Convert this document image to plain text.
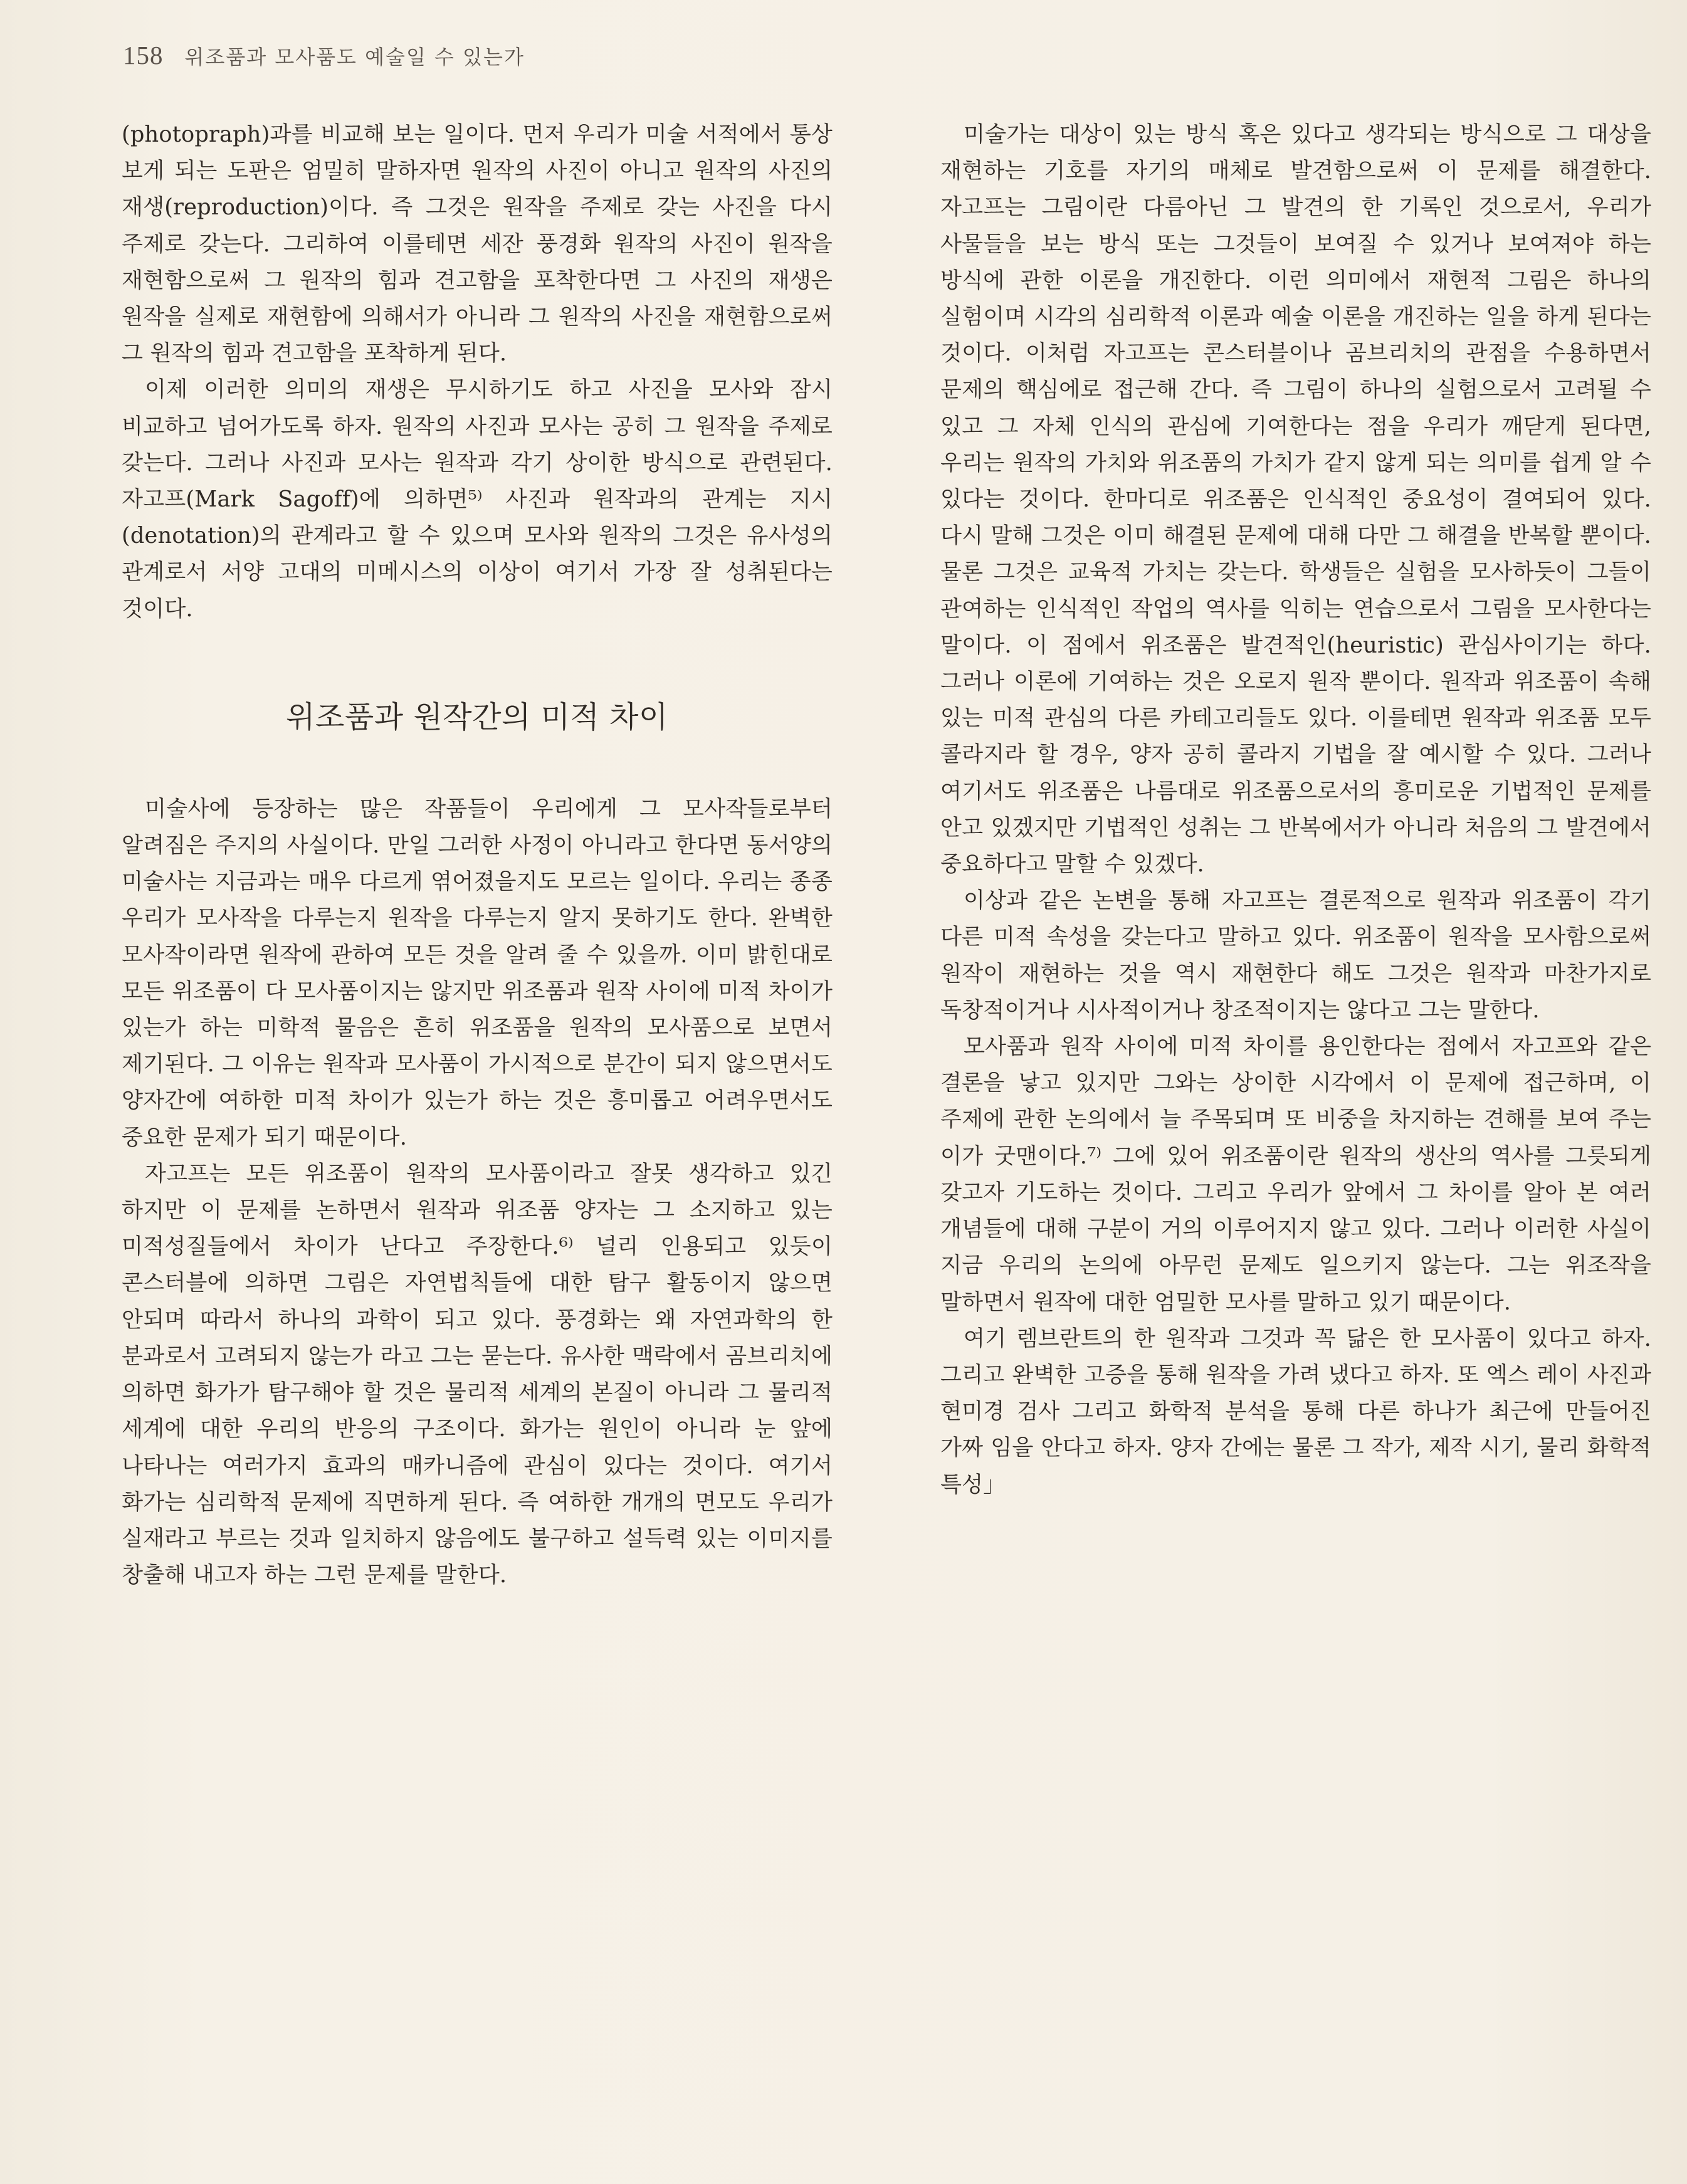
158 위조품과 모사품도 예술일 수 있는가

(photopraph)과를 비교해 보는 일이다. 먼저 우리가 미술 서적에서 통상 보게 되는 도판은 엄밀히 말하자면 원작의 사진이 아니고 원작의 사진의 재생(reproduction)이다. 즉 그것은 원작을 주제로 갖는 사진을 다시 주제로 갖는다. 그리하여 이를테면 세잔 풍경화 원작의 사진이 원작을 재현함으로써 그 원작의 힘과 견고함을 포착한다면 그 사진의 재생은 원작을 실제로 재현함에 의해서가 아니라 그 원작의 사진을 재현함으로써 그 원작의 힘과 견고함을 포착하게 된다.

이제 이러한 의미의 재생은 무시하기도 하고 사진을 모사와 잠시 비교하고 넘어가도록 하자. 원작의 사진과 모사는 공히 그 원작을 주제로 갖는다. 그러나 사진과 모사는 원작과 각기 상이한 방식으로 관련된다. 자고프(Mark Sagoff)에 의하면⁵⁾ 사진과 원작과의 관계는 지시(denotation)의 관계라고 할 수 있으며 모사와 원작의 그것은 유사성의 관계로서 서양 고대의 미메시스의 이상이 여기서 가장 잘 성취된다는 것이다.

위조품과 원작간의 미적 차이

미술사에 등장하는 많은 작품들이 우리에게 그 모사작들로부터 알려짐은 주지의 사실이다. 만일 그러한 사정이 아니라고 한다면 동서양의 미술사는 지금과는 매우 다르게 엮어졌을지도 모르는 일이다. 우리는 종종 우리가 모사작을 다루는지 원작을 다루는지 알지 못하기도 한다. 완벽한 모사작이라면 원작에 관하여 모든 것을 알려 줄 수 있을까. 이미 밝힌대로 모든 위조품이 다 모사품이지는 않지만 위조품과 원작 사이에 미적 차이가 있는가 하는 미학적 물음은 흔히 위조품을 원작의 모사품으로 보면서 제기된다. 그 이유는 원작과 모사품이 가시적으로 분간이 되지 않으면서도 양자간에 여하한 미적 차이가 있는가 하는 것은 흥미롭고 어려우면서도 중요한 문제가 되기 때문이다.

자고프는 모든 위조품이 원작의 모사품이라고 잘못 생각하고 있긴 하지만 이 문제를 논하면서 원작과 위조품 양자는 그 소지하고 있는 미적성질들에서 차이가 난다고 주장한다.⁶⁾ 널리 인용되고 있듯이 콘스터블에 의하면 그림은 자연법칙들에 대한 탐구 활동이지 않으면 안되며 따라서 하나의 과학이 되고 있다. 풍경화는 왜 자연과학의 한 분과로서 고려되지 않는가 라고 그는 묻는다. 유사한 맥락에서 곰브리치에 의하면 화가가 탐구해야 할 것은 물리적 세계의 본질이 아니라 그 물리적 세계에 대한 우리의 반응의 구조이다. 화가는 원인이 아니라 눈 앞에 나타나는 여러가지 효과의 매카니즘에 관심이 있다는 것이다. 여기서 화가는 심리학적 문제에 직면하게 된다. 즉 여하한 개개의 면모도 우리가 실재라고 부르는 것과 일치하지 않음에도 불구하고 설득력 있는 이미지를 창출해 내고자 하는 그런 문제를 말한다.

미술가는 대상이 있는 방식 혹은 있다고 생각되는 방식으로 그 대상을 재현하는 기호를 자기의 매체로 발견함으로써 이 문제를 해결한다. 자고프는 그림이란 다름아닌 그 발견의 한 기록인 것으로서, 우리가 사물들을 보는 방식 또는 그것들이 보여질 수 있거나 보여져야 하는 방식에 관한 이론을 개진한다. 이런 의미에서 재현적 그림은 하나의 실험이며 시각의 심리학적 이론과 예술 이론을 개진하는 일을 하게 된다는 것이다. 이처럼 자고프는 콘스터블이나 곰브리치의 관점을 수용하면서 문제의 핵심에로 접근해 간다. 즉 그림이 하나의 실험으로서 고려될 수 있고 그 자체 인식의 관심에 기여한다는 점을 우리가 깨닫게 된다면, 우리는 원작의 가치와 위조품의 가치가 같지 않게 되는 의미를 쉽게 알 수 있다는 것이다. 한마디로 위조품은 인식적인 중요성이 결여되어 있다. 다시 말해 그것은 이미 해결된 문제에 대해 다만 그 해결을 반복할 뿐이다. 물론 그것은 교육적 가치는 갖는다. 학생들은 실험을 모사하듯이 그들이 관여하는 인식적인 작업의 역사를 익히는 연습으로서 그림을 모사한다는 말이다. 이 점에서 위조품은 발견적인(heuristic) 관심사이기는 하다. 그러나 이론에 기여하는 것은 오로지 원작 뿐이다. 원작과 위조품이 속해 있는 미적 관심의 다른 카테고리들도 있다. 이를테면 원작과 위조품 모두 콜라지라 할 경우, 양자 공히 콜라지 기법을 잘 예시할 수 있다. 그러나 여기서도 위조품은 나름대로 위조품으로서의 흥미로운 기법적인 문제를 안고 있겠지만 기법적인 성취는 그 반복에서가 아니라 처음의 그 발견에서 중요하다고 말할 수 있겠다.

이상과 같은 논변을 통해 자고프는 결론적으로 원작과 위조품이 각기 다른 미적 속성을 갖는다고 말하고 있다. 위조품이 원작을 모사함으로써 원작이 재현하는 것을 역시 재현한다 해도 그것은 원작과 마찬가지로 독창적이거나 시사적이거나 창조적이지는 않다고 그는 말한다.

모사품과 원작 사이에 미적 차이를 용인한다는 점에서 자고프와 같은 결론을 낳고 있지만 그와는 상이한 시각에서 이 문제에 접근하며, 이 주제에 관한 논의에서 늘 주목되며 또 비중을 차지하는 견해를 보여 주는 이가 굿맨이다.⁷⁾ 그에 있어 위조품이란 원작의 생산의 역사를 그릇되게 갖고자 기도하는 것이다. 그리고 우리가 앞에서 그 차이를 알아 본 여러 개념들에 대해 구분이 거의 이루어지지 않고 있다. 그러나 이러한 사실이 지금 우리의 논의에 아무런 문제도 일으키지 않는다. 그는 위조작을 말하면서 원작에 대한 엄밀한 모사를 말하고 있기 때문이다.

여기 렘브란트의 한 원작과 그것과 꼭 닮은 한 모사품이 있다고 하자. 그리고 완벽한 고증을 통해 원작을 가려 냈다고 하자. 또 엑스 레이 사진과 현미경 검사 그리고 화학적 분석을 통해 다른 하나가 최근에 만들어진 가짜 임을 안다고 하자. 양자 간에는 물론 그 작가, 제작 시기, 물리 화학적 특성」
